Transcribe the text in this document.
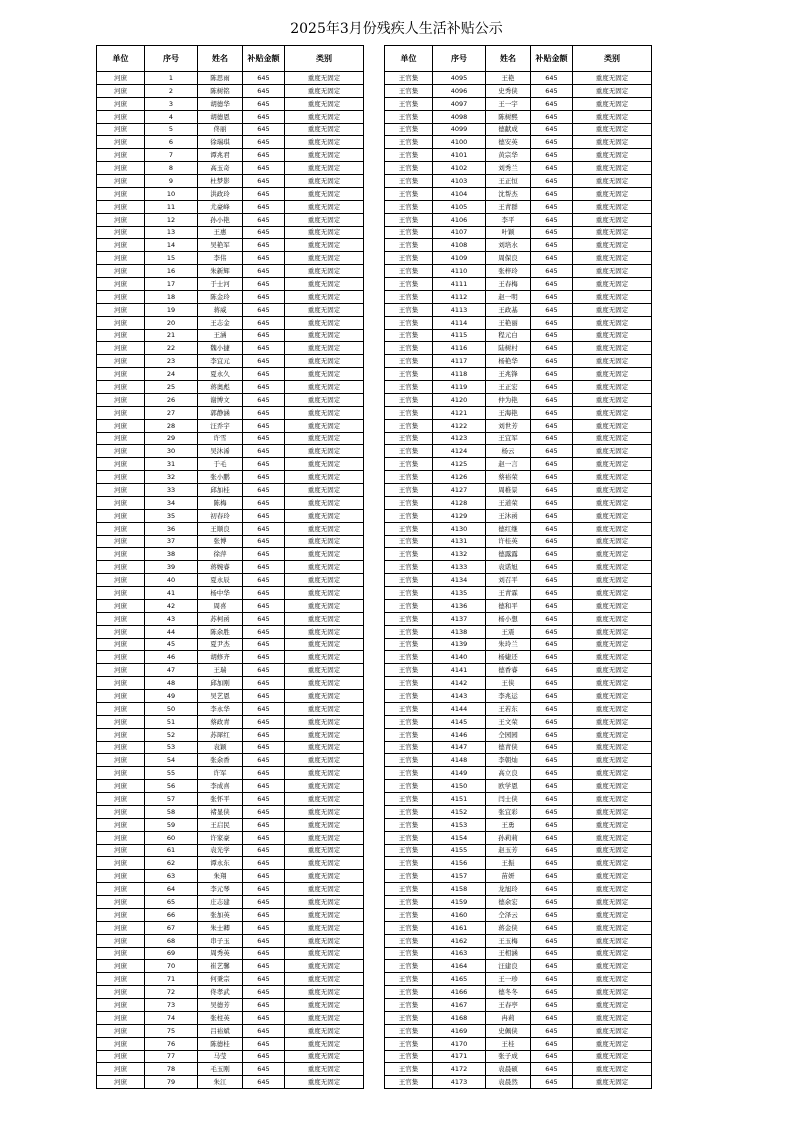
2025年3月份残疾人生活补贴公示
单位	序号	姓名	补贴金额	类别
河庶	1	陈思雨	645	重度无固定
河庶	2	陈树铭	645	重度无固定
河庶	3	胡德华	645	重度无固定
河庶	4	胡德恩	645	重度无固定
河庶	5	佟丽	645	重度无固定
河庶	6	徐瑞琪	645	重度无固定
河庶	7	谭兆君	645	重度无固定
河庶	8	高玉奇	645	重度无固定
河庶	9	杜梦影	645	重度无固定
河庶	10	洪政玲	645	重度无固定
河庶	11	尤豪峰	645	重度无固定
河庶	12	孙小艳	645	重度无固定
河庶	13	王惠	645	重度无固定
河庶	14	吴艳军	645	重度无固定
河庶	15	李伟	645	重度无固定
河庶	16	朱新辉	645	重度无固定
河庶	17	于士河	645	重度无固定
河庶	18	陈金玲	645	重度无固定
河庶	19	蒋威	645	重度无固定
河庶	20	王志金	645	重度无固定
河庶	21	王涵	645	重度无固定
河庶	22	魏小捷	645	重度无固定
河庶	23	李宜元	645	重度无固定
河庶	24	夏永久	645	重度无固定
河庶	25	蒋奥彪	645	重度无固定
河庶	26	谢博文	645	重度无固定
河庶	27	郭静涵	645	重度无固定
河庶	28	汪乔宇	645	重度无固定
河庶	29	许雪	645	重度无固定
河庶	30	吴沐浠	645	重度无固定
河庶	31	于毛	645	重度无固定
河庶	32	张小鹏	645	重度无固定
河庶	33	邱加桂	645	重度无固定
河庶	34	陈梅	645	重度无固定
河庶	35	初春玲	645	重度无固定
河庶	36	王顺良	645	重度无固定
河庶	37	张博	645	重度无固定
河庶	38	徐萍	645	重度无固定
河庶	39	蒋婉睿	645	重度无固定
河庶	40	夏永辰	645	重度无固定
河庶	41	杨中华	645	重度无固定
河庶	42	周喜	645	重度无固定
河庶	43	苏柯函	645	重度无固定
河庶	44	陈余胜	645	重度无固定
河庶	45	夏尹杰	645	重度无固定
河庶	46	胡修齐	645	重度无固定
河庶	47	王瑞	645	重度无固定
河庶	48	邱加刚	645	重度无固定
河庶	49	吴艺恩	645	重度无固定
河庶	50	李永华	645	重度无固定
河庶	51	蔡政青	645	重度无固定
河庶	52	苏犀红	645	重度无固定
河庶	53	袁颖	645	重度无固定
河庶	54	张余香	645	重度无固定
河庶	55	许军	645	重度无固定
河庶	56	李成喜	645	重度无固定
河庶	57	张怀平	645	重度无固定
河庶	58	褚显侠	645	重度无固定
河庶	59	王启民	645	重度无固定
河庶	60	许家豪	645	重度无固定
河庶	61	袁光学	645	重度无固定
河庶	62	谭永东	645	重度无固定
河庶	63	朱翔	645	重度无固定
河庶	64	李元琴	645	重度无固定
河庶	65	庄志建	645	重度无固定
河庶	66	张加英	645	重度无固定
河庶	67	朱士卿	645	重度无固定
河庶	68	串子玉	645	重度无固定
河庶	69	周秀英	645	重度无固定
河庶	70	崔艺馨	645	重度无固定
河庶	71	何秉宗	645	重度无固定
河庶	72	佟孝武	645	重度无固定
河庶	73	吴德芳	645	重度无固定
河庶	74	张柱英	645	重度无固定
河庶	75	吕裕斌	645	重度无固定
河庶	76	陈德桂	645	重度无固定
河庶	77	马莹	645	重度无固定
河庶	78	毛玉刚	645	重度无固定
河庶	79	朱江	645	重度无固定
单位	序号	姓名	补贴金额	类别
王官集	4095	王艳	645	重度无固定
王官集	4096	史秀侠	645	重度无固定
王官集	4097	王一宇	645	重度无固定
王官集	4098	陈树熙	645	重度无固定
王官集	4099	德献成	645	重度无固定
王官集	4100	德安英	645	重度无固定
王官集	4101	黄宗华	645	重度无固定
王官集	4102	刘秀兰	645	重度无固定
王官集	4103	王正恒	645	重度无固定
王官集	4104	沈帮杰	645	重度无固定
王官集	4105	王青群	645	重度无固定
王官集	4106	李平	645	重度无固定
王官集	4107	叶颖	645	重度无固定
王官集	4108	刘培水	645	重度无固定
王官集	4109	周保良	645	重度无固定
王官集	4110	张梓玲	645	重度无固定
王官集	4111	王春梅	645	重度无固定
王官集	4112	赵一明	645	重度无固定
王官集	4113	王政基	645	重度无固定
王官集	4114	王艳丽	645	重度无固定
王官集	4115	程元白	645	重度无固定
王官集	4116	陆树村	645	重度无固定
王官集	4117	杨艳华	645	重度无固定
王官集	4118	王兆锋	645	重度无固定
王官集	4119	王正宏	645	重度无固定
王官集	4120	仲为艳	645	重度无固定
王官集	4121	王海艳	645	重度无固定
王官集	4122	刘世芳	645	重度无固定
王官集	4123	王宜军	645	重度无固定
王官集	4124	杨云	645	重度无固定
王官集	4125	赵一言	645	重度无固定
王官集	4126	蔡裕荣	645	重度无固定
王官集	4127	周稚景	645	重度无固定
王官集	4128	王道荣	645	重度无固定
王官集	4129	王沐函	645	重度无固定
王官集	4130	德红继	645	重度无固定
王官集	4131	许桂英	645	重度无固定
王官集	4132	德露露	645	重度无固定
王官集	4133	袁诺旭	645	重度无固定
王官集	4134	刘召平	645	重度无固定
王官集	4135	王青霖	645	重度无固定
王官集	4136	德和平	645	重度无固定
王官集	4137	杨小想	645	重度无固定
王官集	4138	王震	645	重度无固定
王官集	4139	朱玲兰	645	重度无固定
王官集	4140	杨婕还	645	重度无固定
王官集	4141	德香睿	645	重度无固定
王官集	4142	王侠	645	重度无固定
王官集	4143	李兆运	645	重度无固定
王官集	4144	王若东	645	重度无固定
王官集	4145	王文荣	645	重度无固定
王官集	4146	仝园园	645	重度无固定
王官集	4147	德青侠	645	重度无固定
王官集	4148	李朝灿	645	重度无固定
王官集	4149	高立良	645	重度无固定
王官集	4150	欧学恩	645	重度无固定
王官集	4151	闫士侠	645	重度无固定
王官集	4152	张宜彩	645	重度无固定
王官集	4153	王勇	645	重度无固定
王官集	4154	孙莉莉	645	重度无固定
王官集	4155	赵玉芳	645	重度无固定
王官集	4156	王振	645	重度无固定
王官集	4157	苗妍	645	重度无固定
王官集	4158	龙旭玲	645	重度无固定
王官集	4159	德余宏	645	重度无固定
王官集	4160	仝泽云	645	重度无固定
王官集	4161	蒋金侠	645	重度无固定
王官集	4162	王玉梅	645	重度无固定
王官集	4163	王相涵	645	重度无固定
王官集	4164	汪建良	645	重度无固定
王官集	4165	王一珍	645	重度无固定
王官集	4166	德冬冬	645	重度无固定
王官集	4167	王春亭	645	重度无固定
王官集	4168	冉莉	645	重度无固定
王官集	4169	史佩侠	645	重度无固定
王官集	4170	王桂	645	重度无固定
王官集	4171	张子成	645	重度无固定
王官集	4172	袁晨硕	645	重度无固定
王官集	4173	袁晨然	645	重度无固定
